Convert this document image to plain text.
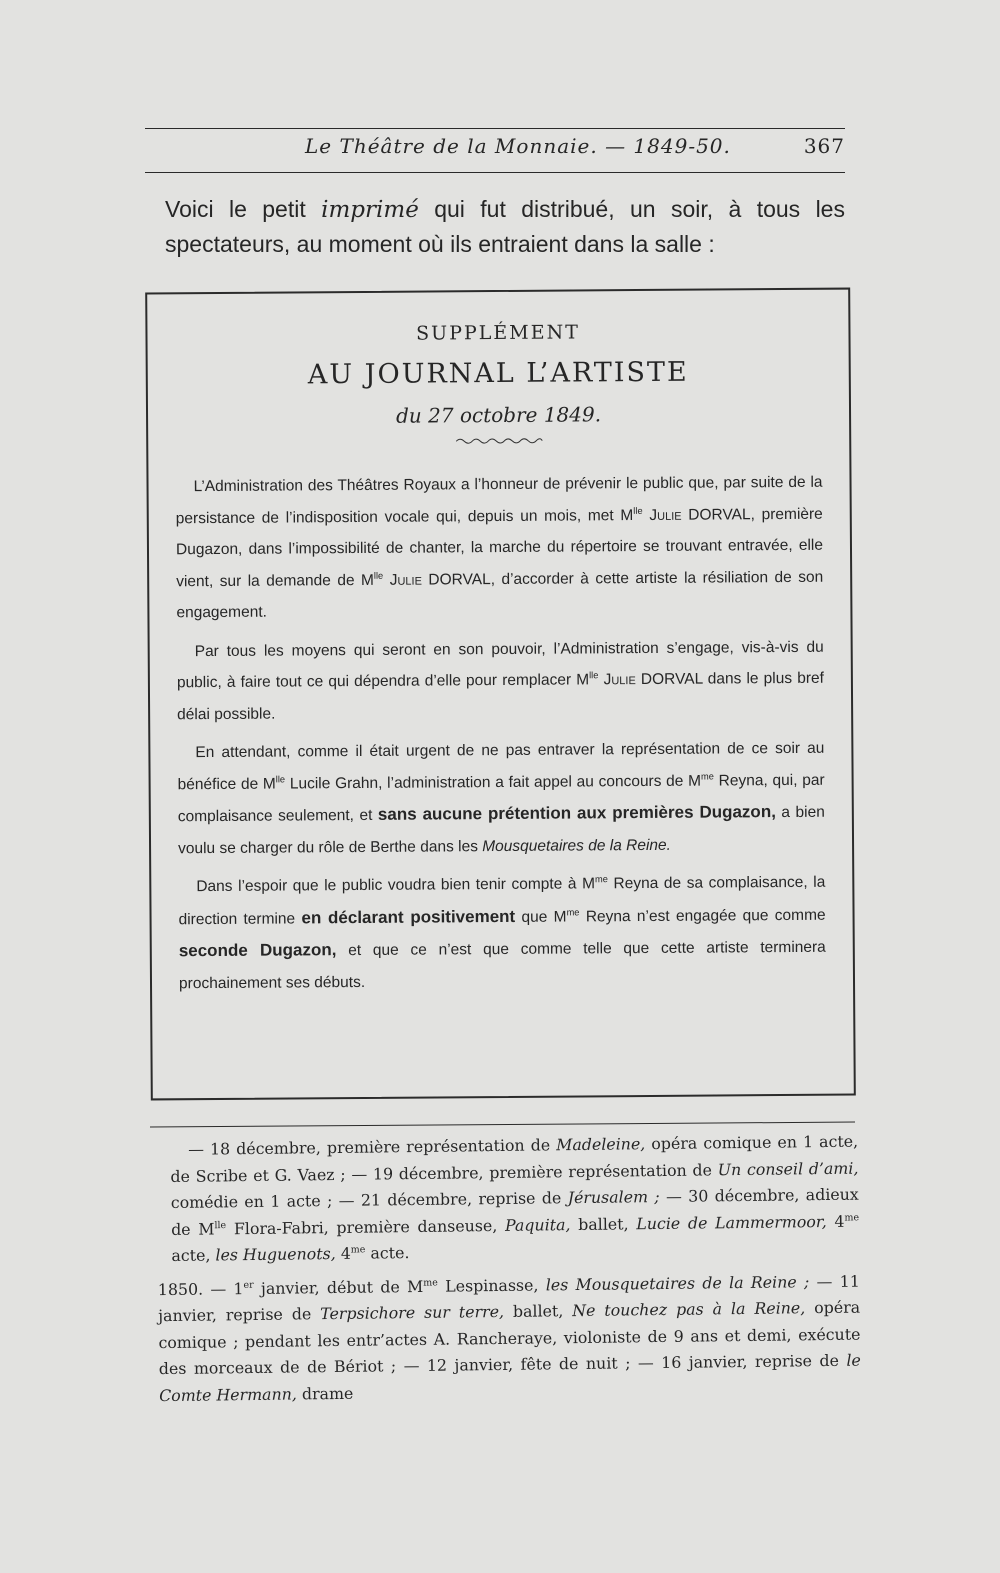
Le Théâtre de la Monnaie. — 1849-50.	367

Voici le petit imprimé qui fut distribué, un soir, à tous les spectateurs, au moment où ils entraient dans la salle :

SUPPLÉMENT
AU JOURNAL L’ARTISTE
du 27 octobre 1849.

L’Administration des Théâtres Royaux a l’honneur de prévenir le public que, par suite de la persistance de l’indisposition vocale qui, depuis un mois, met $M^{lle}$ Julie DORVAL, première Dugazon, dans l’impossibilité de chanter, la marche du répertoire se trouvant entravée, elle vient, sur la demande de $M^{lle}$ Julie DORVAL, d’accorder à cette artiste la résiliation de son engagement.

Par tous les moyens qui seront en son pouvoir, l’Administration s’engage, vis-à-vis du public, à faire tout ce qui dépendra d’elle pour remplacer $M^{lle}$ Julie DORVAL dans le plus bref délai possible.

En attendant, comme il était urgent de ne pas entraver la représentation de ce soir au bénéfice de $M^{lle}$ Lucile Grahn, l’administration a fait appel au concours de $M^{me}$ Reyna, qui, par complaisance seulement, et sans aucune prétention aux premières Dugazon, a bien voulu se charger du rôle de Berthe dans les Mousquetaires de la Reine.

Dans l’espoir que le public voudra bien tenir compte à $M^{me}$ Reyna de sa complaisance, la direction termine en déclarant positivement que $M^{me}$ Reyna n’est engagée que comme seconde Dugazon, et que ce n’est que comme telle que cette artiste terminera prochainement ses débuts.

— 18 décembre, première représentation de Madeleine, opéra comique en 1 acte, de Scribe et G. Vaez ; — 19 décembre, première représentation de Un conseil d’ami, comédie en 1 acte ; — 21 décembre, reprise de Jérusalem ; — 30 décembre, adieux de $M^{lle}$ Flora-Fabri, première danseuse, Paquita, ballet, Lucie de Lammermoor, $4^{me}$ acte, les Huguenots, $4^{me}$ acte.

1850. — 1er janvier, début de $M^{me}$ Lespinasse, les Mousquetaires de la Reine ; — 11 janvier, reprise de Terpsichore sur terre, ballet, Ne touchez pas à la Reine, opéra comique ; pendant les entr’actes A. Rancheraye, violoniste de 9 ans et demi, exécute des morceaux de de Bériot ; — 12 janvier, fête de nuit ; — 16 janvier, reprise de le Comte Hermann, drame
